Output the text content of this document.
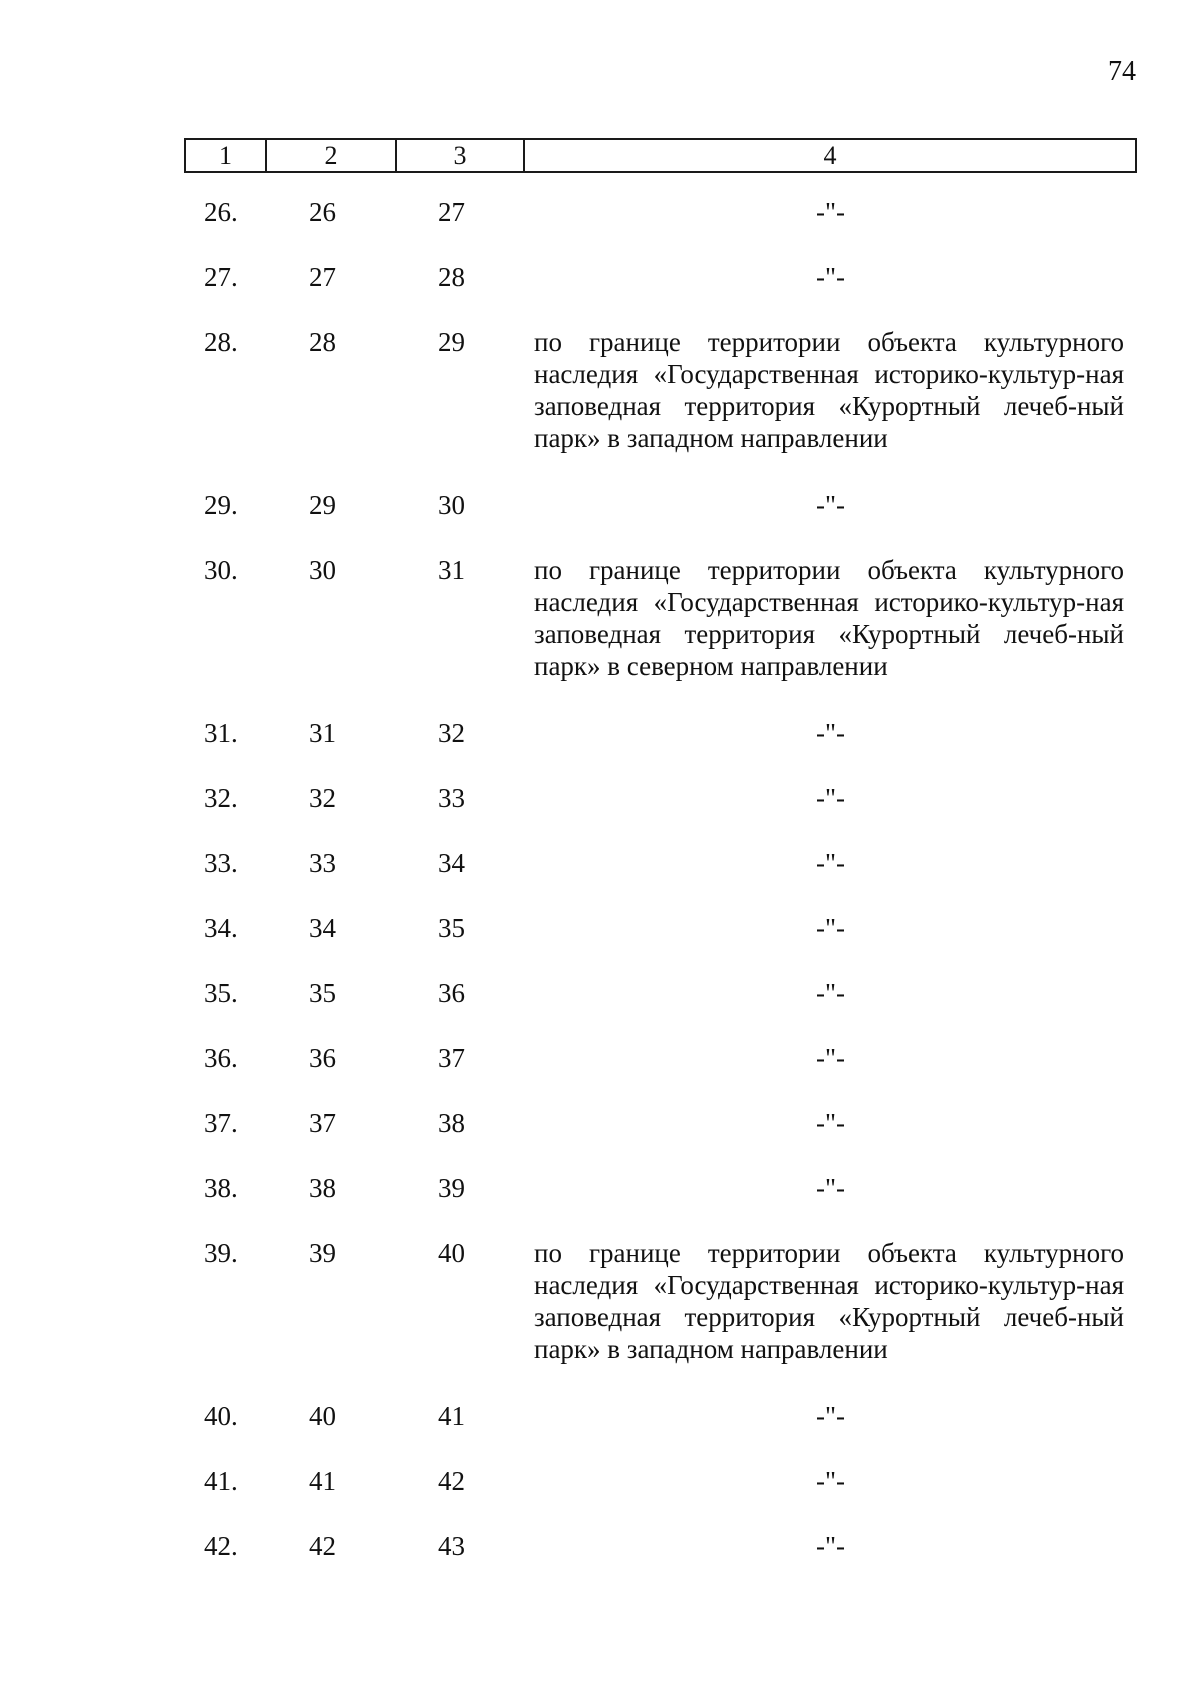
74
1	2	3	4
26.	26	27	-"-
27.	27	28	-"-
28.	28	29	по границе территории объекта культурного наследия «Государственная историко-культур-ная заповедная территория «Курортный лечеб-ный парк» в западном направлении
29.	29	30	-"-
30.	30	31	по границе территории объекта культурного наследия «Государственная историко-культур-ная заповедная территория «Курортный лечеб-ный парк» в северном направлении
31.	31	32	-"-
32.	32	33	-"-
33.	33	34	-"-
34.	34	35	-"-
35.	35	36	-"-
36.	36	37	-"-
37.	37	38	-"-
38.	38	39	-"-
39.	39	40	по границе территории объекта культурного наследия «Государственная историко-культур-ная заповедная территория «Курортный лечеб-ный парк» в западном направлении
40.	40	41	-"-
41.	41	42	-"-
42.	42	43	-"-
